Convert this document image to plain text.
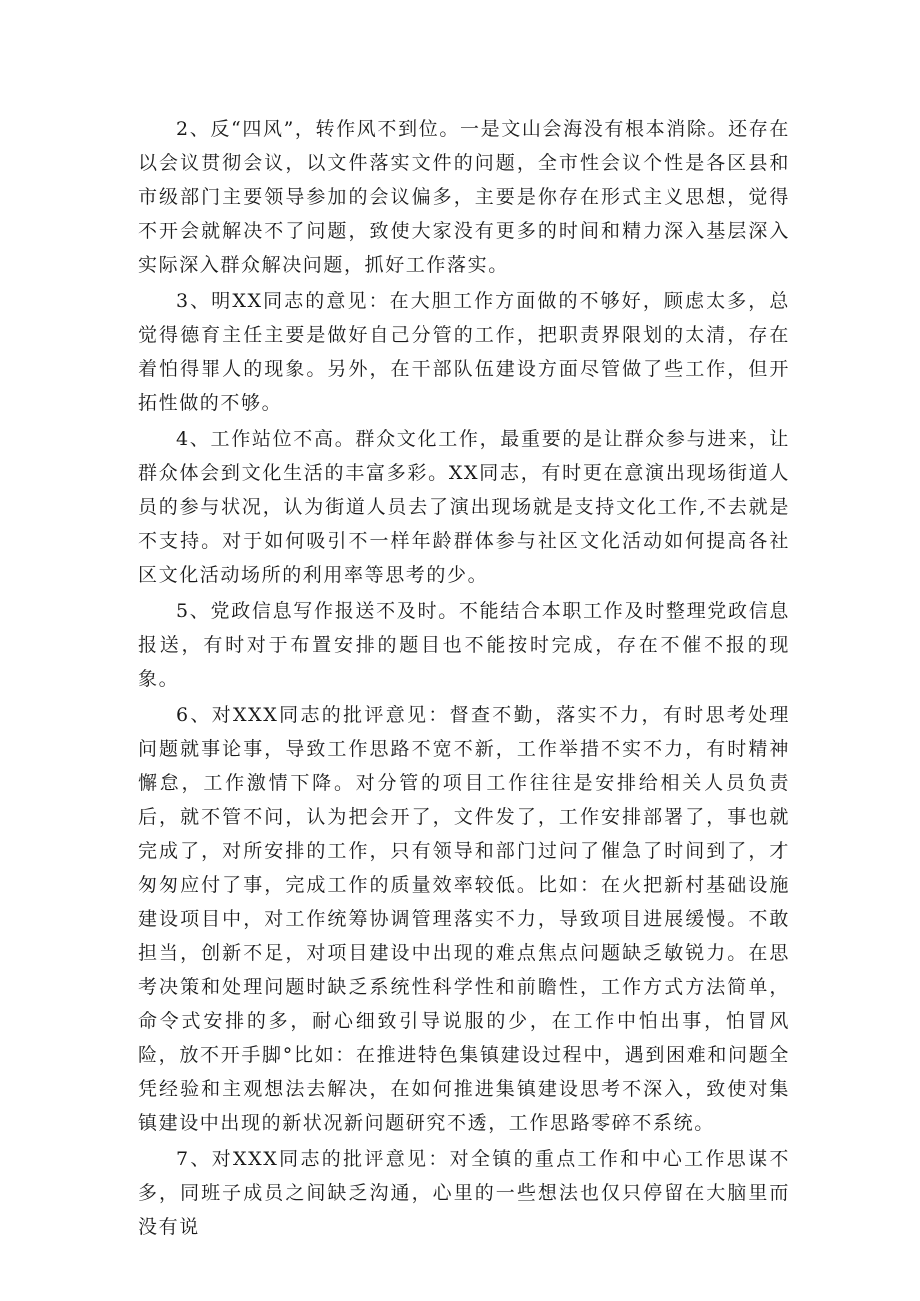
2、反“四风”，转作风不到位。一是文山会海没有根本消除。还存在以会议贯彻会议，以文件落实文件的问题，全市性会议个性是各区县和市级部门主要领导参加的会议偏多，主要是你存在形式主义思想，觉得不开会就解决不了问题，致使大家没有更多的时间和精力深入基层深入实际深入群众解决问题，抓好工作落实。

3、明XX同志的意见：在大胆工作方面做的不够好，顾虑太多，总觉得德育主任主要是做好自己分管的工作，把职责界限划的太清，存在着怕得罪人的现象。另外，在干部队伍建设方面尽管做了些工作，但开拓性做的不够。

4、工作站位不高。群众文化工作，最重要的是让群众参与进来，让群众体会到文化生活的丰富多彩。XX同志，有时更在意演出现场街道人员的参与状况，认为街道人员去了演出现场就是支持文化工作,不去就是不支持。对于如何吸引不一样年龄群体参与社区文化活动如何提高各社区文化活动场所的利用率等思考的少。

5、党政信息写作报送不及时。不能结合本职工作及时整理党政信息报送，有时对于布置安排的题目也不能按时完成，存在不催不报的现象。

6、对XXX同志的批评意见：督查不勤，落实不力，有时思考处理问题就事论事，导致工作思路不宽不新，工作举措不实不力，有时精神懈怠，工作激情下降。对分管的项目工作往往是安排给相关人员负责后，就不管不问，认为把会开了，文件发了，工作安排部署了，事也就完成了，对所安排的工作，只有领导和部门过问了催急了时间到了，才匆匆应付了事，完成工作的质量效率较低。比如：在火把新村基础设施建设项目中，对工作统筹协调管理落实不力，导致项目进展缓慢。不敢担当，创新不足，对项目建设中出现的难点焦点问题缺乏敏锐力。在思考决策和处理问题时缺乏系统性科学性和前瞻性，工作方式方法简单，命令式安排的多，耐心细致引导说服的少，在工作中怕出事，怕冒风险，放不开手脚°比如：在推进特色集镇建设过程中，遇到困难和问题全凭经验和主观想法去解决，在如何推进集镇建设思考不深入，致使对集镇建设中出现的新状况新问题研究不透，工作思路零碎不系统。

7、对XXX同志的批评意见：对全镇的重点工作和中心工作思谋不多，同班子成员之间缺乏沟通，心里的一些想法也仅只停留在大脑里而没有说
